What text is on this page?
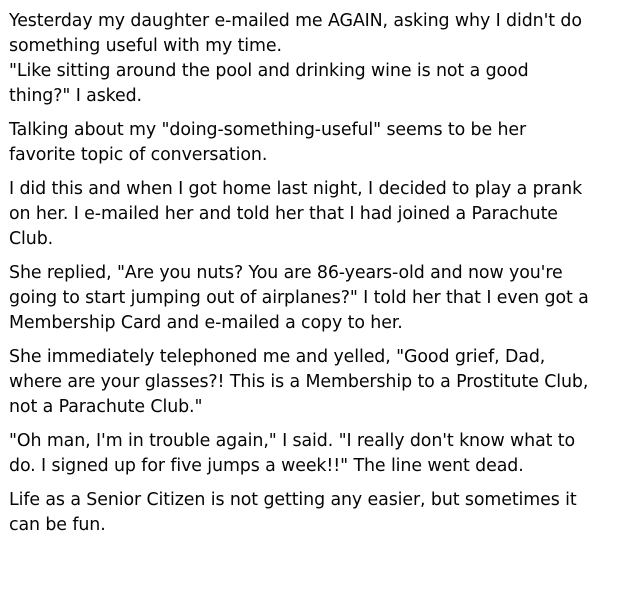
Yesterday my daughter e-mailed me AGAIN, asking why I didn't do
something useful with my time.
"Like sitting around the pool and drinking wine is not a good
thing?" I asked.
Talking about my "doing-something-useful" seems to be her
favorite topic of conversation.
I did this and when I got home last night, I decided to play a prank
on her. I e-mailed her and told her that I had joined a Parachute
Club.
She replied, "Are you nuts? You are 86-years-old and now you're
going to start jumping out of airplanes?" I told her that I even got a
Membership Card and e-mailed a copy to her.
She immediately telephoned me and yelled, "Good grief, Dad,
where are your glasses?! This is a Membership to a Prostitute Club,
not a Parachute Club."
"Oh man, I'm in trouble again," I said. "I really don't know what to
do. I signed up for five jumps a week!!" The line went dead.
Life as a Senior Citizen is not getting any easier, but sometimes it
can be fun.
